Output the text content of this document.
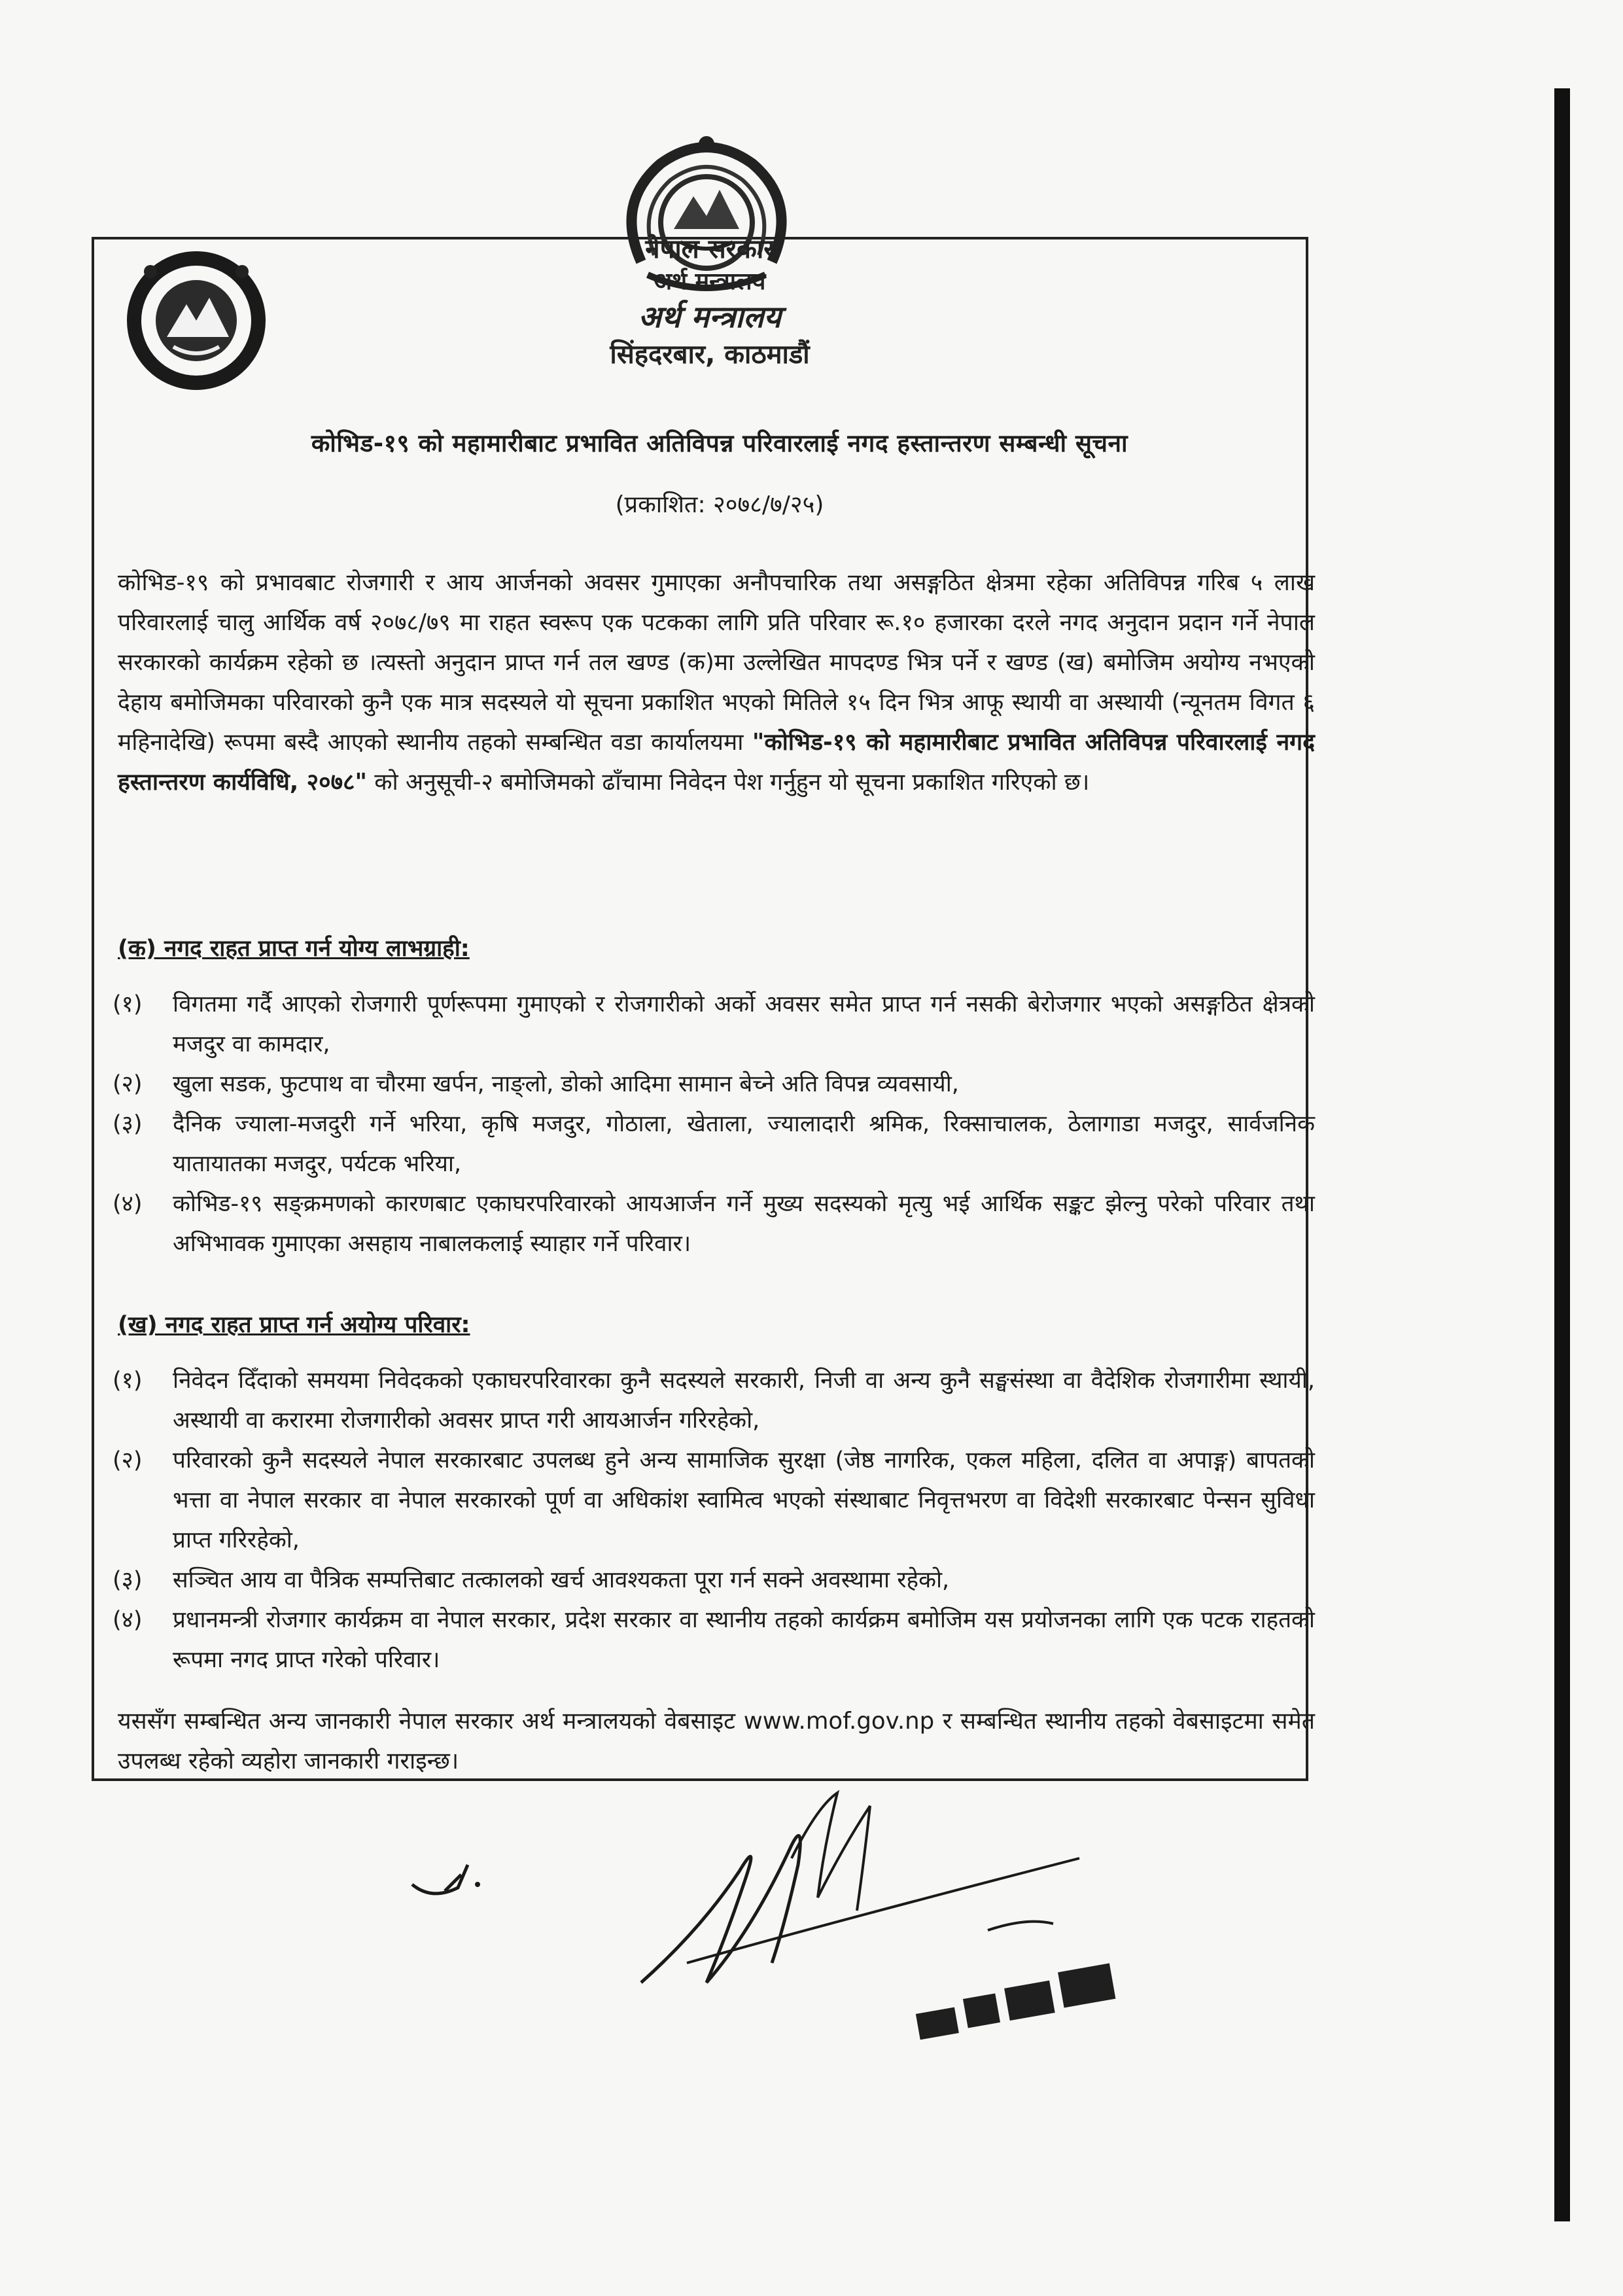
नेपाल सरकार
अर्थ मन्त्रालय
अर्थ मन्त्रालय
सिंहदरबार, काठमाडौं
कोभिड-१९ को महामारीबाट प्रभावित अतिविपन्न परिवारलाई नगद हस्तान्तरण सम्बन्धी सूचना
(प्रकाशित: २०७८/७/२५)
कोभिड-१९ को प्रभावबाट रोजगारी र आय आर्जनको अवसर गुमाएका अनौपचारिक तथा असङ्गठित क्षेत्रमा रहेका अतिविपन्न गरिब ५ लाख परिवारलाई चालु आर्थिक वर्ष २०७८/७९ मा राहत स्वरूप एक पटकका लागि प्रति परिवार रू.१० हजारका दरले नगद अनुदान प्रदान गर्ने नेपाल सरकारको कार्यक्रम रहेको छ ।त्यस्तो अनुदान प्राप्त गर्न तल खण्ड (क)मा उल्लेखित मापदण्ड भित्र पर्ने र खण्ड (ख) बमोजिम अयोग्य नभएको देहाय बमोजिमका परिवारको कुनै एक मात्र सदस्यले यो सूचना प्रकाशित भएको मितिले १५ दिन भित्र आफू स्थायी वा अस्थायी (न्यूनतम विगत ६ महिनादेखि) रूपमा बस्दै आएको स्थानीय तहको सम्बन्धित वडा कार्यालयमा "कोभिड-१९ को महामारीबाट प्रभावित अतिविपन्न परिवारलाई नगद हस्तान्तरण कार्यविधि, २०७८" को अनुसूची-२ बमोजिमको ढाँचामा निवेदन पेश गर्नुहुन यो सूचना प्रकाशित गरिएको छ।
(क) नगद राहत प्राप्त गर्न योग्य लाभग्राही:
(१) विगतमा गर्दै आएको रोजगारी पूर्णरूपमा गुमाएको र रोजगारीको अर्को अवसर समेत प्राप्त गर्न नसकी बेरोजगार भएको असङ्गठित क्षेत्रको मजदुर वा कामदार,
(२) खुला सडक, फुटपाथ वा चौरमा खर्पन, नाङ्लो, डोको आदिमा सामान बेच्ने अति विपन्न व्यवसायी,
(३) दैनिक ज्याला-मजदुरी गर्ने भरिया, कृषि मजदुर, गोठाला, खेताला, ज्यालादारी श्रमिक, रिक्साचालक, ठेलागाडा मजदुर, सार्वजनिक यातायातका मजदुर, पर्यटक भरिया,
(४) कोभिड-१९ सङ्क्रमणको कारणबाट एकाघरपरिवारको आयआर्जन गर्ने मुख्य सदस्यको मृत्यु भई आर्थिक सङ्कट झेल्नु परेको परिवार तथा अभिभावक गुमाएका असहाय नाबालकलाई स्याहार गर्ने परिवार।
(ख) नगद राहत प्राप्त गर्न अयोग्य परिवार:
(१) निवेदन दिँदाको समयमा निवेदकको एकाघरपरिवारका कुनै सदस्यले सरकारी, निजी वा अन्य कुनै सङ्घसंस्था वा वैदेशिक रोजगारीमा स्थायी, अस्थायी वा करारमा रोजगारीको अवसर प्राप्त गरी आयआर्जन गरिरहेको,
(२) परिवारको कुनै सदस्यले नेपाल सरकारबाट उपलब्ध हुने अन्य सामाजिक सुरक्षा (जेष्ठ नागरिक, एकल महिला, दलित वा अपाङ्ग) बापतको भत्ता वा नेपाल सरकार वा नेपाल सरकारको पूर्ण वा अधिकांश स्वामित्व भएको संस्थाबाट निवृत्तभरण वा विदेशी सरकारबाट पेन्सन सुविधा प्राप्त गरिरहेको,
(३) सञ्चित आय वा पैत्रिक सम्पत्तिबाट तत्कालको खर्च आवश्यकता पूरा गर्न सक्ने अवस्थामा रहेको,
(४) प्रधानमन्त्री रोजगार कार्यक्रम वा नेपाल सरकार, प्रदेश सरकार वा स्थानीय तहको कार्यक्रम बमोजिम यस प्रयोजनका लागि एक पटक राहतको रूपमा नगद प्राप्त गरेको परिवार।
यससँग सम्बन्धित अन्य जानकारी नेपाल सरकार अर्थ मन्त्रालयको वेबसाइट www.mof.gov.np र सम्बन्धित स्थानीय तहको वेबसाइटमा समेत उपलब्ध रहेको व्यहोरा जानकारी गराइन्छ।
